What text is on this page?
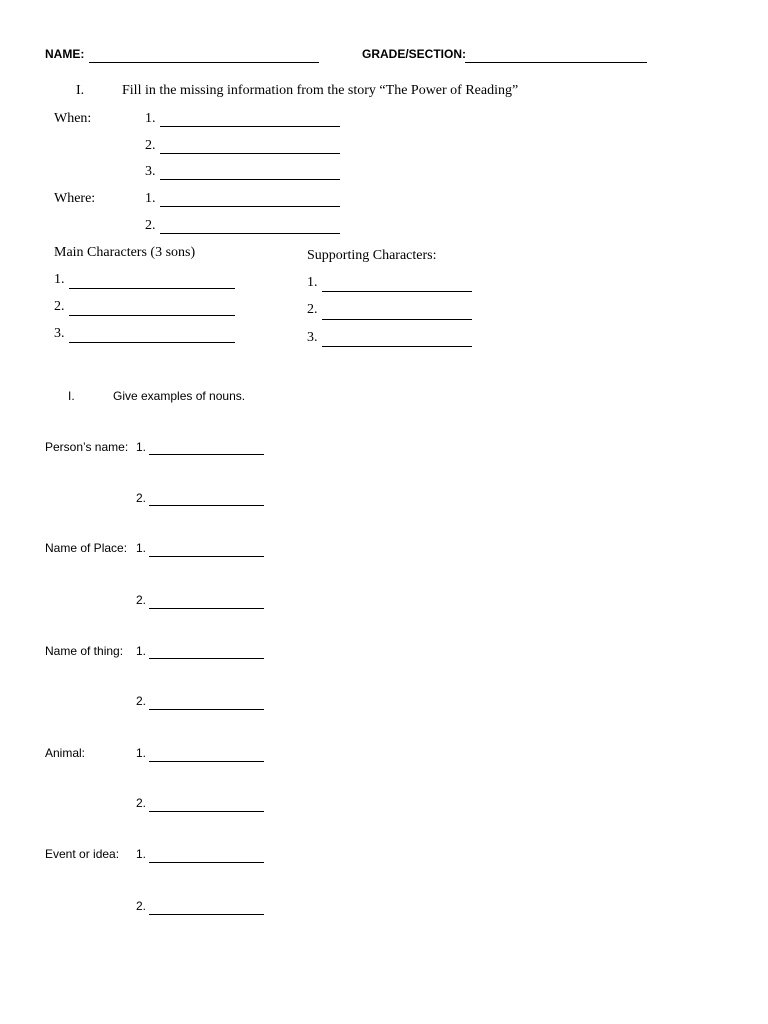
NAME:	GRADE/SECTION:
I.	Fill in the missing information from the story “The Power of Reading”
When:	1.
2.
3.
Where:	1.
2.
Main Characters (3 sons)
1.
2.
3.
Supporting Characters:
1.
2.
3.
I.	Give examples of nouns.
Person’s name: 1.
2.
Name of Place: 1.
2.
Name of thing: 1.
2.
Animal:	1.
2.
Event or idea: 1.
2.
